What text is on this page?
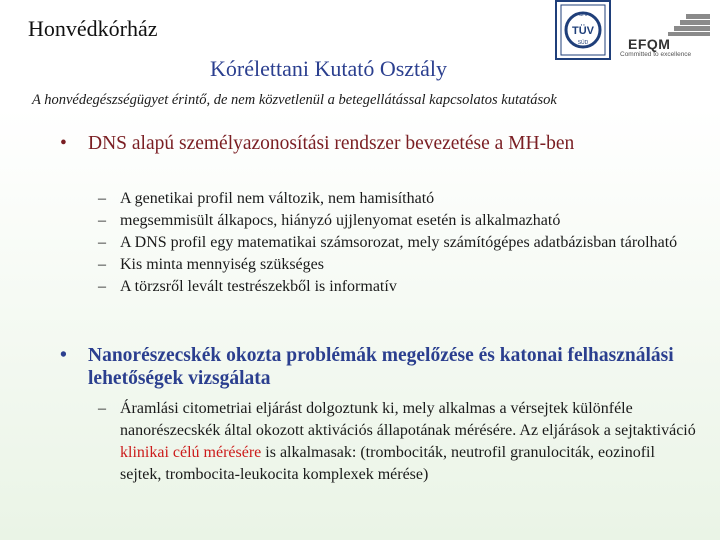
Honvédkórház
Kórélettani Kutató Osztály
A honvédegészségügyet érintő, de nem közvetlenül a betegellátással kapcsolatos kutatások
CHI
TÜV
SÜD	EFQM
Committed to excellence
•	DNS alapú személyazonosítási rendszer bevezetése a MH-ben
– A genetikai profil nem változik, nem hamisítható
– megsemmisült álkapocs, hiányzó ujjlenyomat esetén is alkalmazható
– A DNS profil egy matematikai számsorozat, mely számítógépes adatbázisban tárolható
– Kis minta mennyiség szükséges
– A törzsről levált testrészekből is informatív
•	Nanorészecskék okozta problémák megelőzése és katonai felhasználási lehetőségek vizsgálata
– Áramlási citometriai eljárást dolgoztunk ki, mely alkalmas a vérsejtek különféle nanorészecskék által okozott aktivációs állapotának mérésére. Az eljárások a sejtaktiváció klinikai célú mérésére is alkalmasak: (trombociták, neutrofil granulociták, eozinofil sejtek, trombocita-leukocita komplexek mérése)
